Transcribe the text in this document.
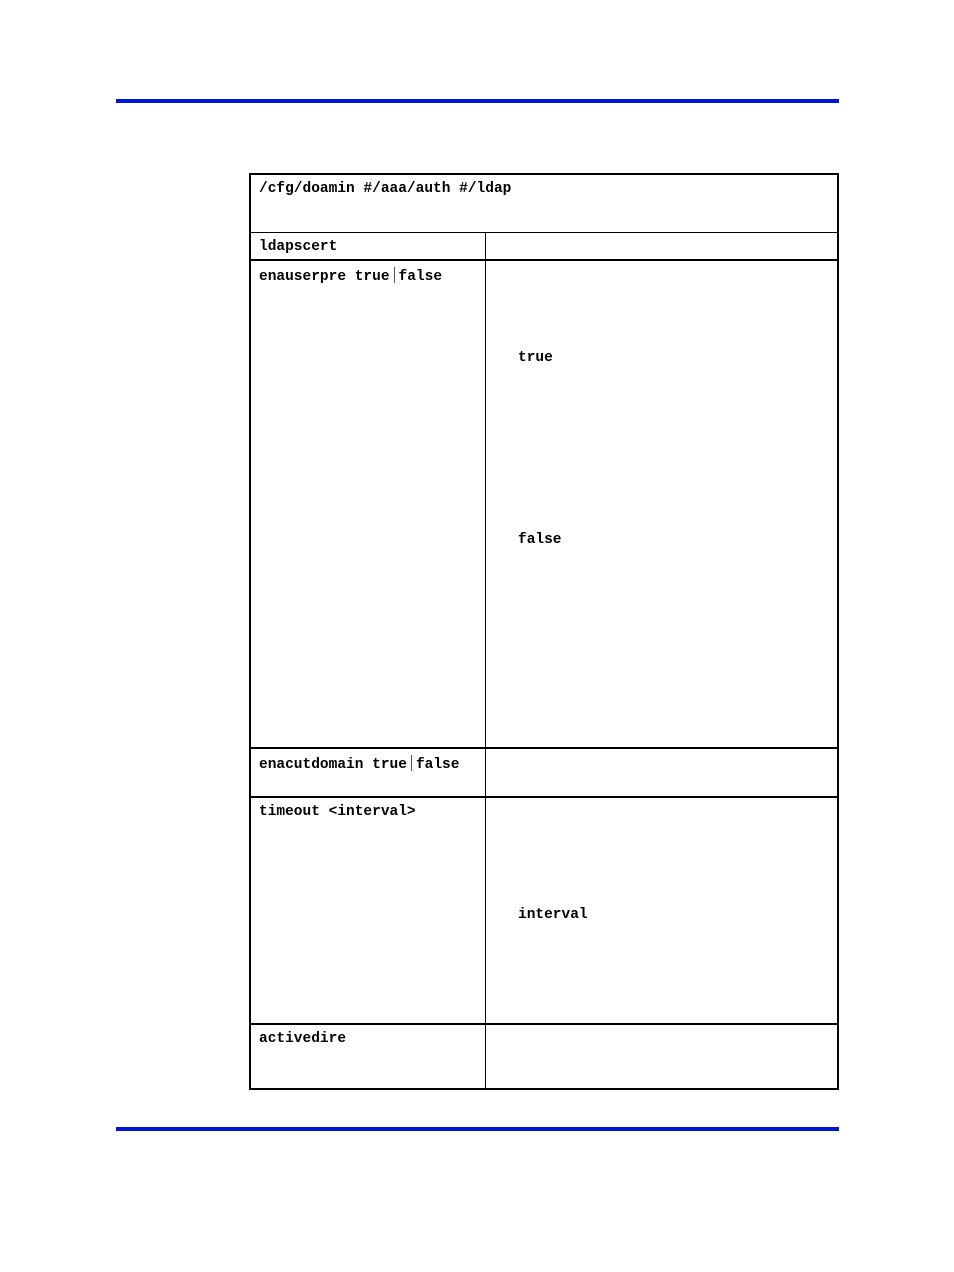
/cfg/doamin #/aaa/auth #/ldap
ldapscert
enauserpre true false
true
false
enacutdomain true false
timeout <interval>
interval
activedire
